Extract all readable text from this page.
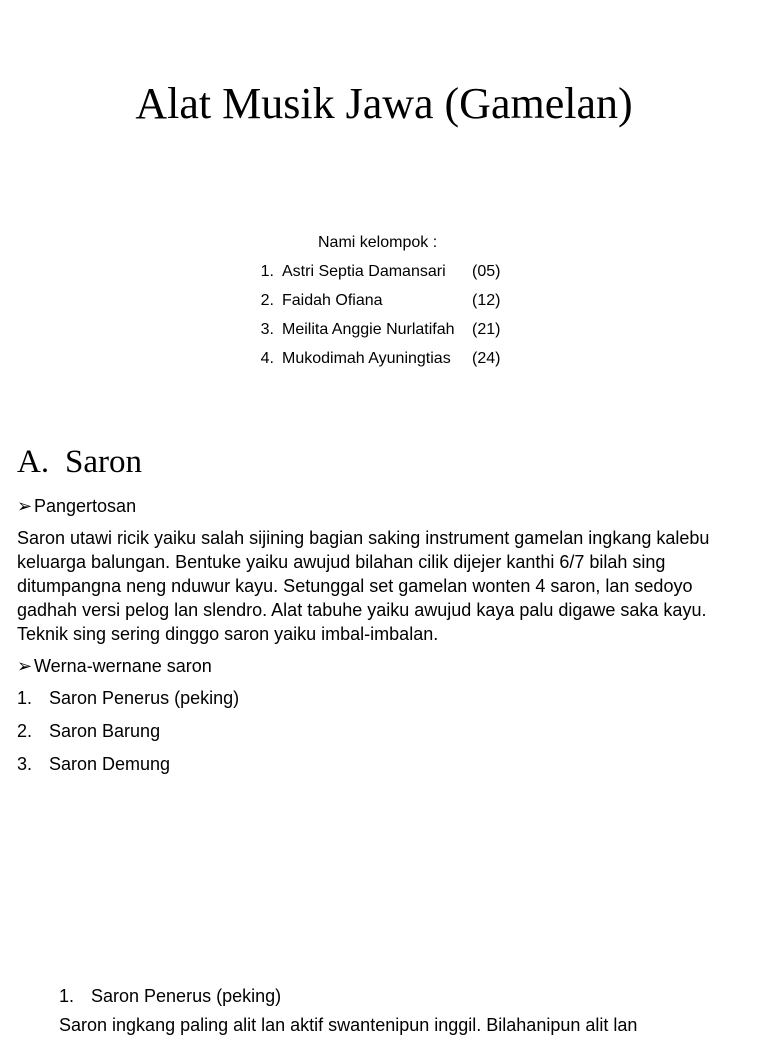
Alat Musik Jawa (Gamelan)
Nami kelompok :
1. Astri Septia Damansari	(05)
2. Faidah Ofiana	(12)
3. Meilita Anggie Nurlatifah	(21)
4. Mukodimah Ayuningtias	(24)
A. Saron
➢ Pangertosan
Saron utawi ricik yaiku salah sijining bagian saking instrument gamelan ingkang kalebu keluarga balungan. Bentuke yaiku awujud bilahan cilik dijejer kanthi 6/7 bilah sing ditumpangna neng nduwur kayu. Setunggal set gamelan wonten 4 saron, lan sedoyo gadhah versi pelog lan slendro. Alat tabuhe yaiku awujud kaya palu digawe saka kayu. Teknik sing sering dinggo saron yaiku imbal-imbalan.
➢ Werna-wernane saron
1. Saron Penerus (peking)
2. Saron Barung
3. Saron Demung
1. Saron Penerus (peking)
Saron ingkang paling alit lan aktif swantenipun inggil. Bilahanipun alit lan
